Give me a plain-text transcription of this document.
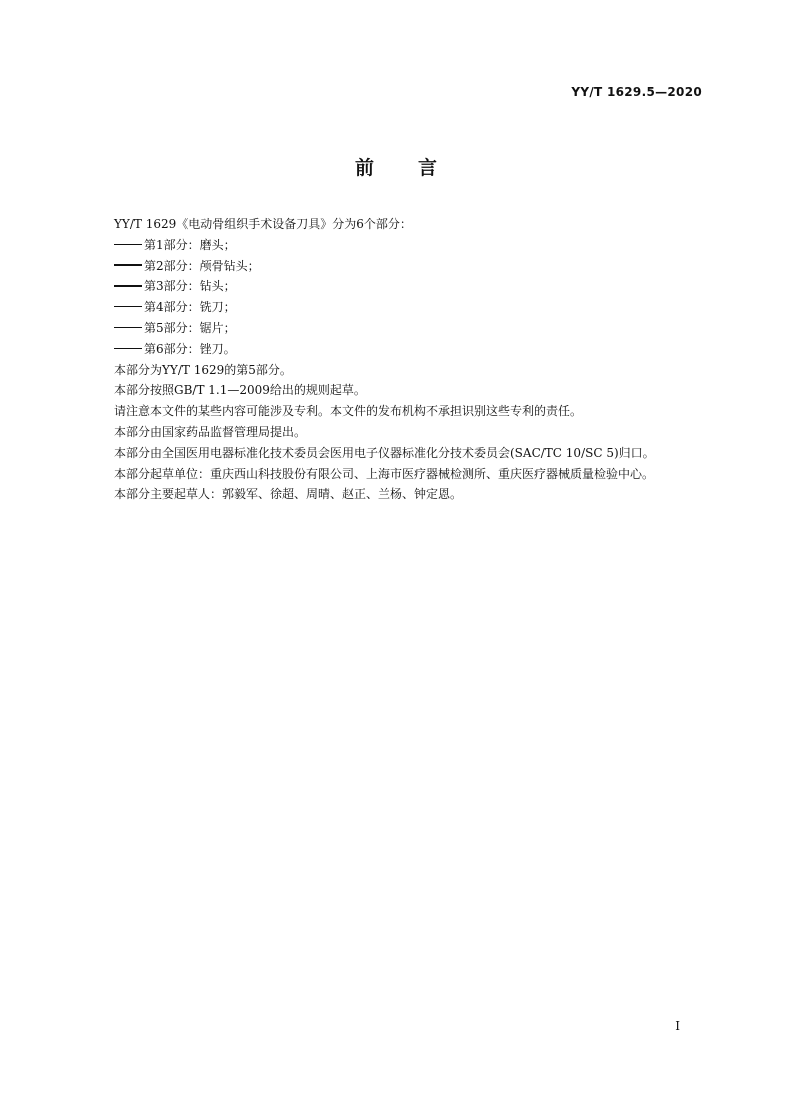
YY/T 1629.5—2020
前 言

YY/T 1629《电动骨组织手术设备刀具》分为6个部分：

第1部分：磨头；

第2部分：颅骨钻头；

第3部分：钻头；

第4部分：铣刀；

第5部分：锯片；

第6部分：锉刀。

本部分为YY/T 1629的第5部分。

本部分按照GB/T 1.1—2009给出的规则起草。

请注意本文件的某些内容可能涉及专利。本文件的发布机构不承担识别这些专利的责任。

本部分由国家药品监督管理局提出。

本部分由全国医用电器标准化技术委员会医用电子仪器标准化分技术委员会(SAC/TC 10/SC 5)归口。

本部分起草单位：重庆西山科技股份有限公司、上海市医疗器械检测所、重庆医疗器械质量检验中心。

本部分主要起草人：郭毅军、徐超、周晴、赵正、兰杨、钟定恩。

I
